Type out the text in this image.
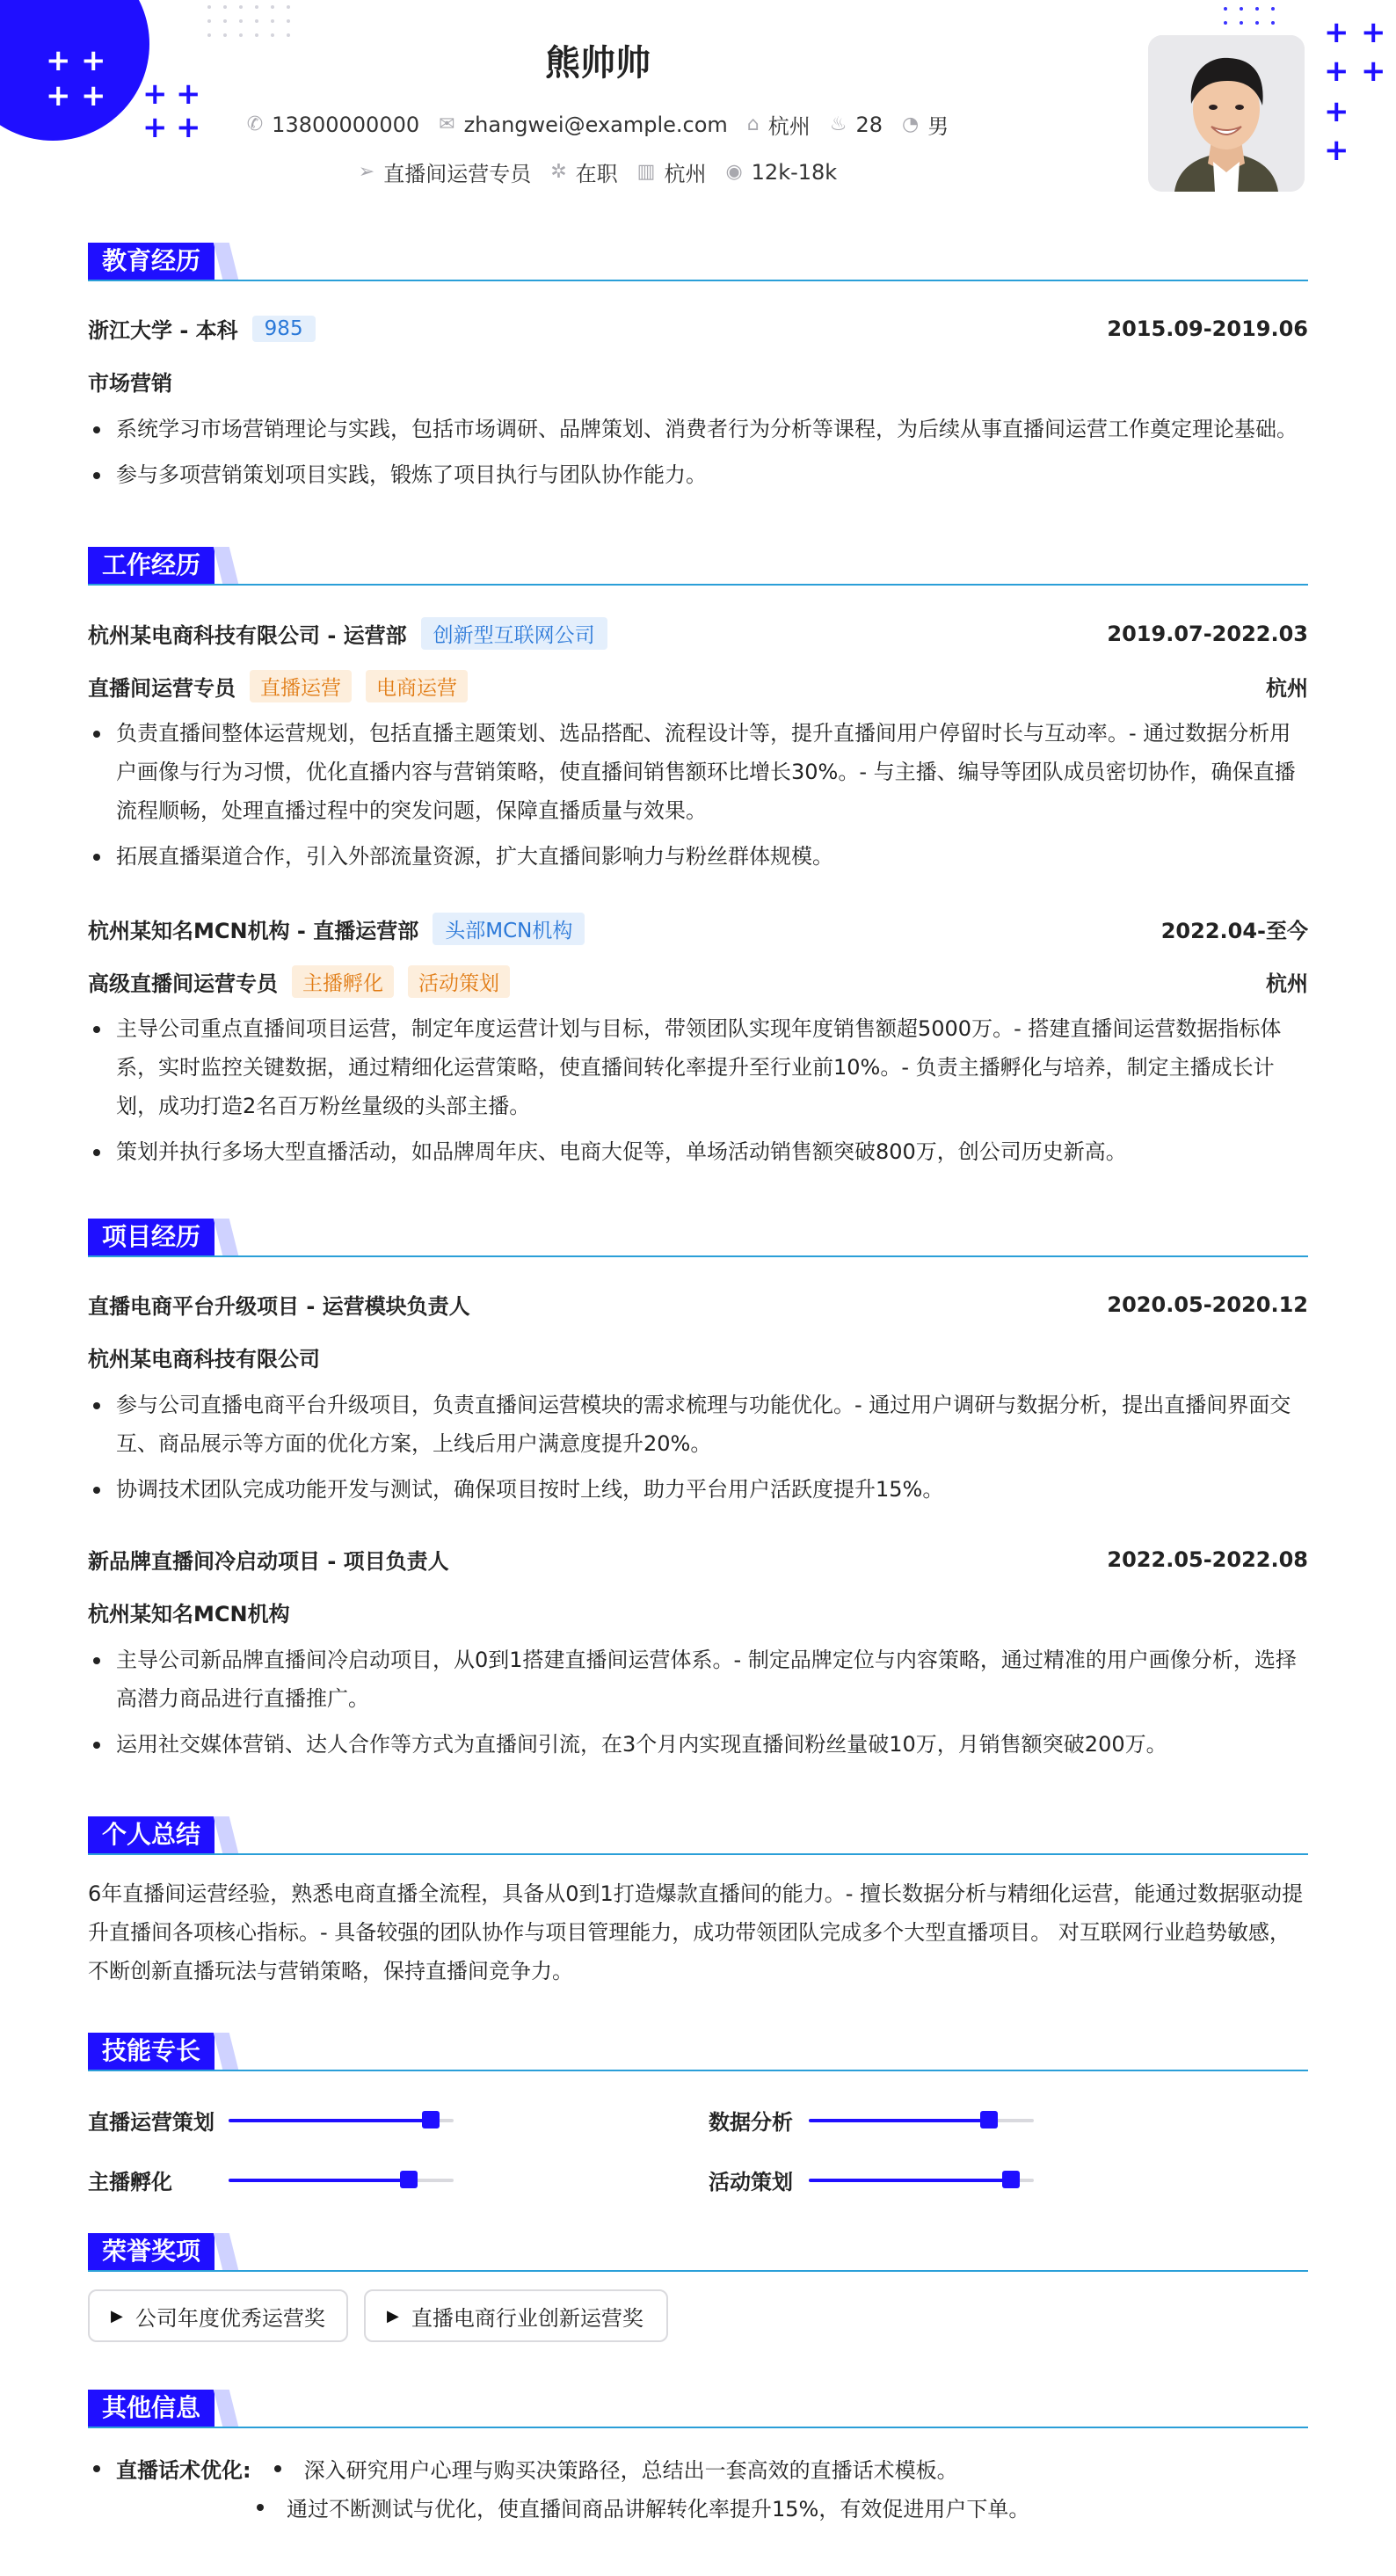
+ +
+ + + +
+ +
+ +
+ +
+
+
熊帅帅
✆ 13800000000 ✉ zhangwei@example.com ⌂ 杭州 ♨ 28 ◔ 男
➢ 直播间运营专员 ✲ 在职 ▥ 杭州 ◉ 12k-18k
教育经历
浙江大学 - 本科	985	2015.09-2019.06
市场营销
系统学习市场营销理论与实践，包括市场调研、品牌策划、消费者行为分析等课程，为后续从事直播间运营工作奠定理论基础。
参与多项营销策划项目实践，锻炼了项目执行与团队协作能力。
工作经历
杭州某电商科技有限公司 - 运营部	创新型互联网公司	2019.07-2022.03
直播间运营专员	直播运营	电商运营	杭州
负责直播间整体运营规划，包括直播主题策划、选品搭配、流程设计等，提升直播间用户停留时长与互动率。- 通过数据分析用户画像与行为习惯，优化直播内容与营销策略，使直播间销售额环比增长30%。- 与主播、编导等团队成员密切协作，确保直播流程顺畅，处理直播过程中的突发问题，保障直播质量与效果。
拓展直播渠道合作，引入外部流量资源，扩大直播间影响力与粉丝群体规模。
杭州某知名MCN机构 - 直播运营部	头部MCN机构	2022.04-至今
高级直播间运营专员	主播孵化	活动策划	杭州
主导公司重点直播间项目运营，制定年度运营计划与目标，带领团队实现年度销售额超5000万。- 搭建直播间运营数据指标体系，实时监控关键数据，通过精细化运营策略，使直播间转化率提升至行业前10%。- 负责主播孵化与培养，制定主播成长计划，成功打造2名百万粉丝量级的头部主播。
策划并执行多场大型直播活动，如品牌周年庆、电商大促等，单场活动销售额突破800万，创公司历史新高。
项目经历
直播电商平台升级项目 - 运营模块负责人	2020.05-2020.12
杭州某电商科技有限公司
参与公司直播电商平台升级项目，负责直播间运营模块的需求梳理与功能优化。- 通过用户调研与数据分析，提出直播间界面交互、商品展示等方面的优化方案，上线后用户满意度提升20%。
协调技术团队完成功能开发与测试，确保项目按时上线，助力平台用户活跃度提升15%。
新品牌直播间冷启动项目 - 项目负责人	2022.05-2022.08
杭州某知名MCN机构
主导公司新品牌直播间冷启动项目，从0到1搭建直播间运营体系。- 制定品牌定位与内容策略，通过精准的用户画像分析，选择高潜力商品进行直播推广。
运用社交媒体营销、达人合作等方式为直播间引流，在3个月内实现直播间粉丝量破10万，月销售额突破200万。
个人总结
6年直播间运营经验，熟悉电商直播全流程，具备从0到1打造爆款直播间的能力。- 擅长数据分析与精细化运营，能通过数据驱动提升直播间各项核心指标。- 具备较强的团队协作与项目管理能力，成功带领团队完成多个大型直播项目。 对互联网行业趋势敏感，不断创新直播玩法与营销策略，保持直播间竞争力。
技能专长
直播运营策划	数据分析
主播孵化	活动策划
荣誉奖项
▶ 公司年度优秀运营奖	▶ 直播电商行业创新运营奖
其他信息
直播话术优化:	深入研究用户心理与购买决策路径，总结出一套高效的直播话术模板。
通过不断测试与优化，使直播间商品讲解转化率提升15%，有效促进用户下单。
